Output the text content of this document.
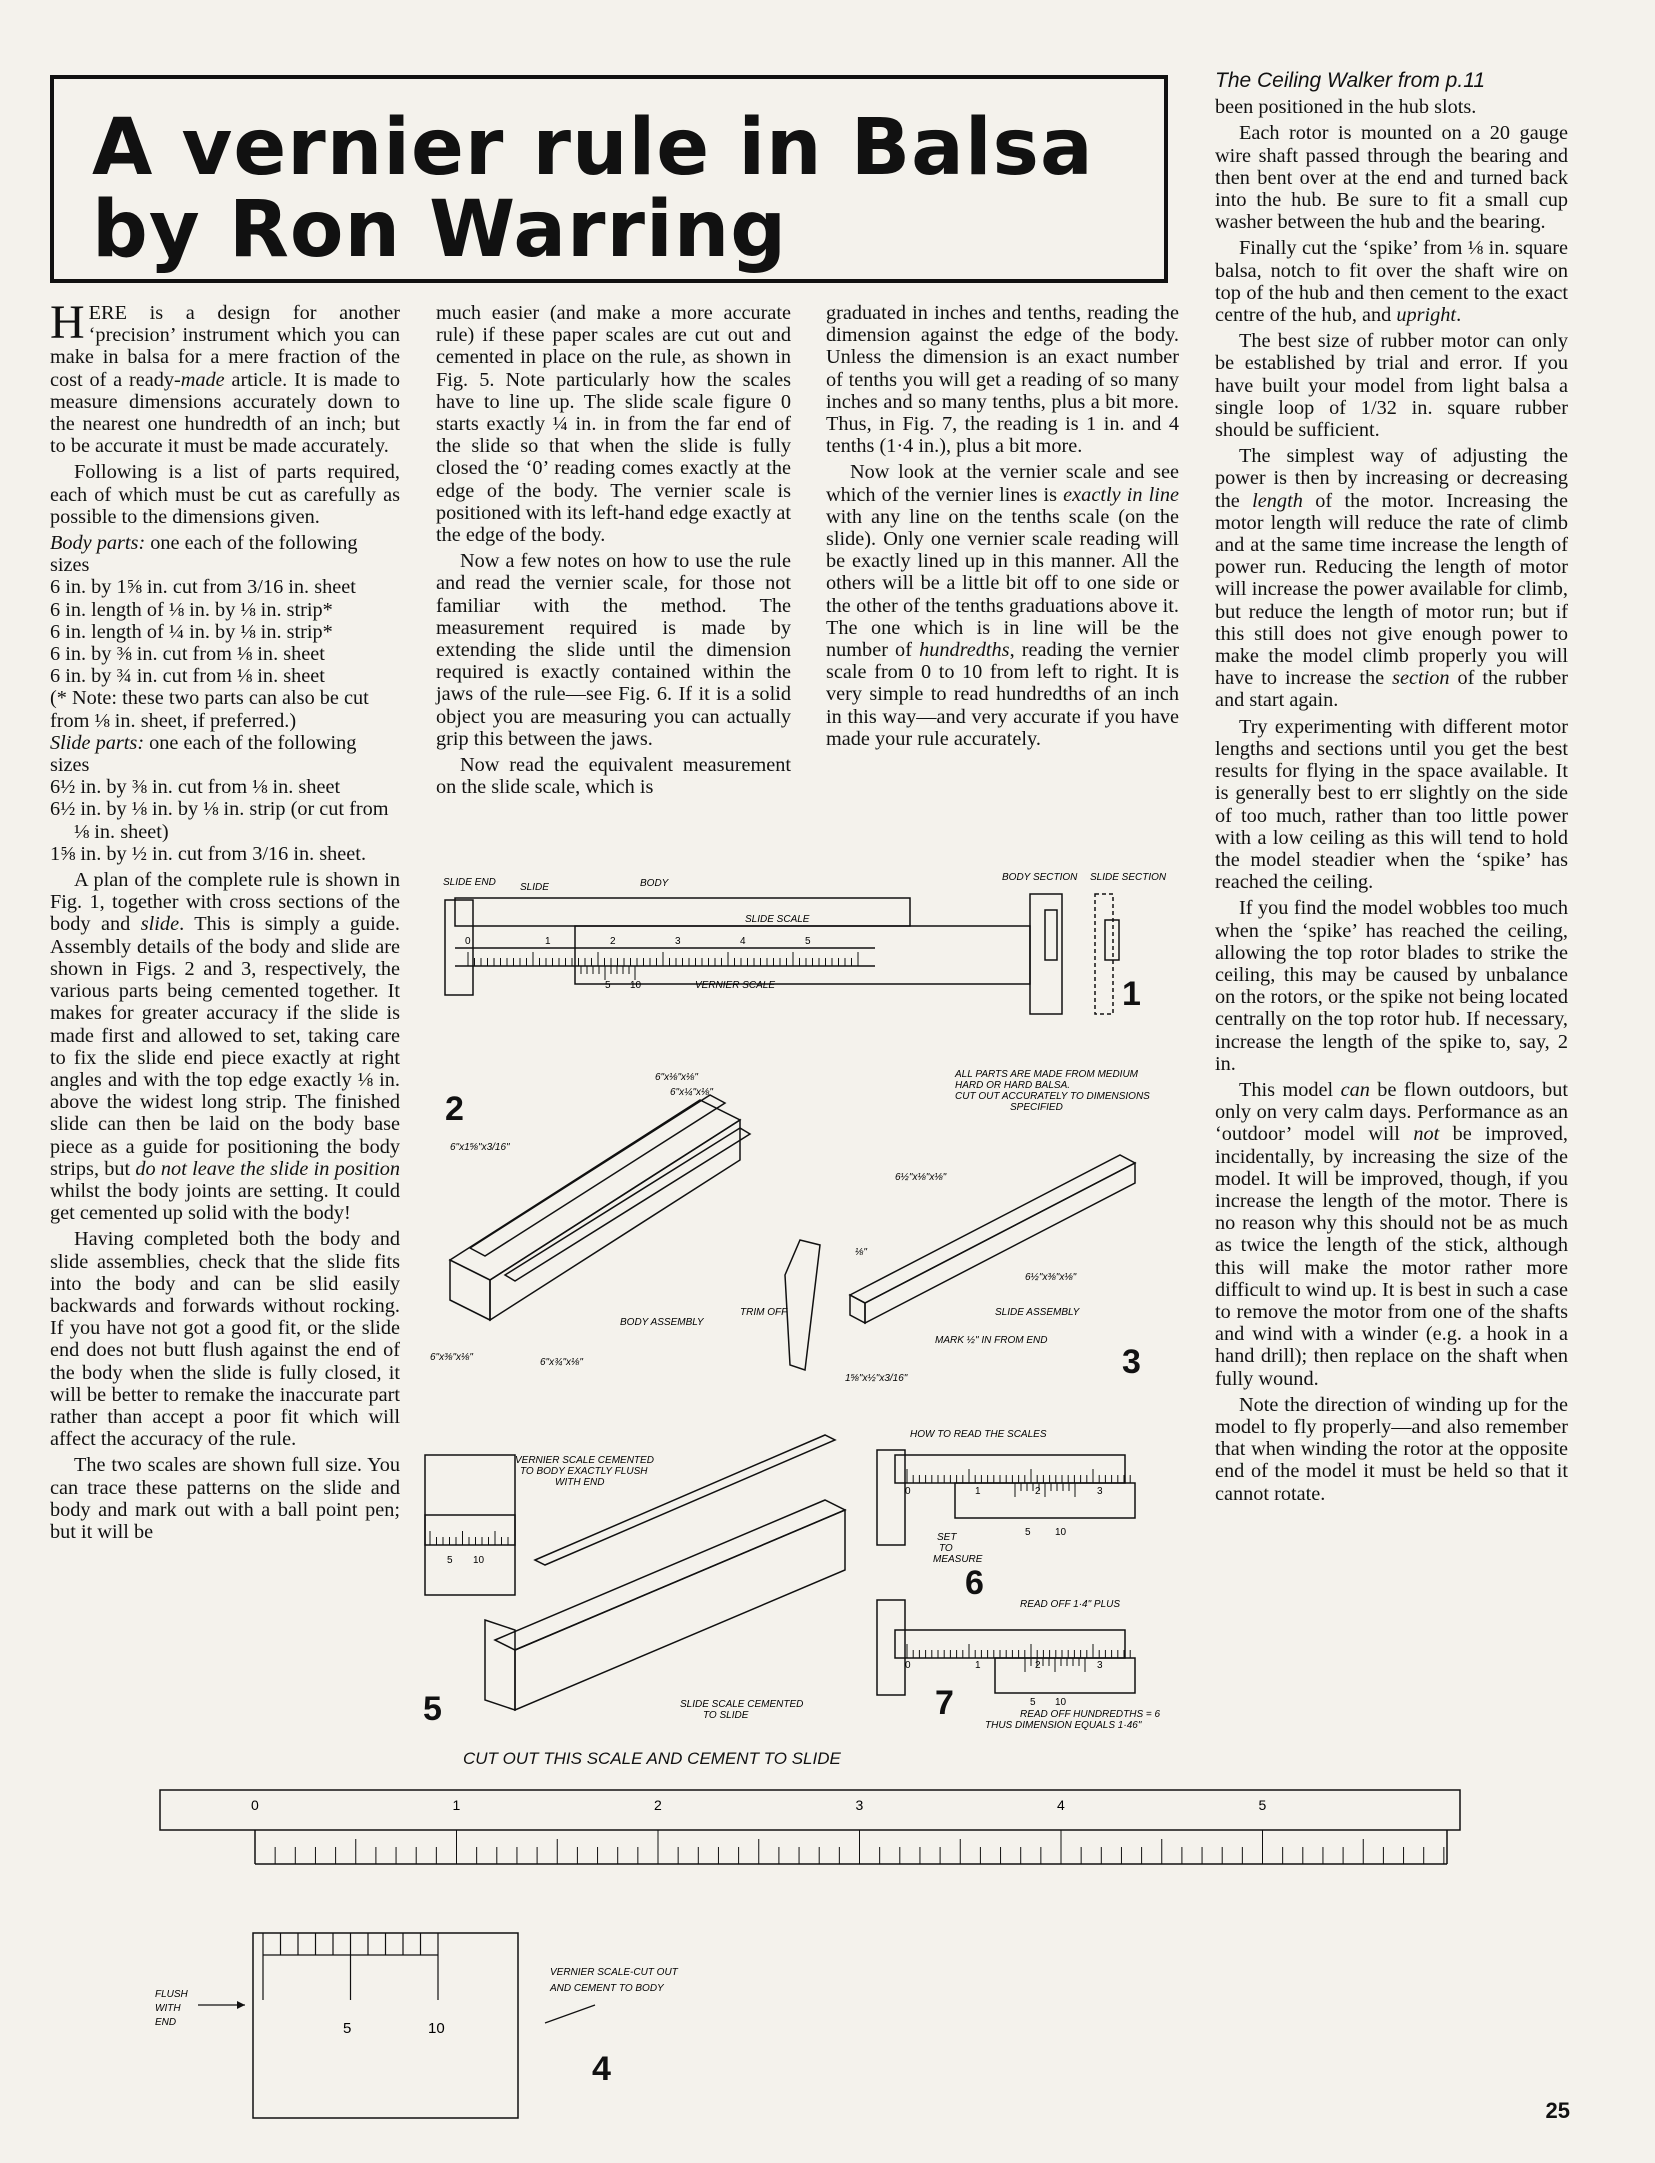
A vernier rule in Balsa
by Ron Warring

HERE is a design for another ‘precision’ instrument which you can make in balsa for a mere fraction of the cost of a ready-made article. It is made to measure dimensions accurately down to the nearest one hundredth of an inch; but to be accurate it must be made accurately.

Following is a list of parts required, each of which must be cut as carefully as possible to the dimensions given.

Body parts: one each of the following sizes
6 in. by 1⅝ in. cut from 3/16 in. sheet
6 in. length of ⅛ in. by ⅛ in. strip*
6 in. length of ¼ in. by ⅛ in. strip*
6 in. by ⅜ in. cut from ⅛ in. sheet
6 in. by ¾ in. cut from ⅛ in. sheet
(* Note: these two parts can also be cut from ⅛ in. sheet, if preferred.)
Slide parts: one each of the following sizes
6½ in. by ⅜ in. cut from ⅛ in. sheet
6½ in. by ⅛ in. by ⅛ in. strip (or cut from ⅛ in. sheet)
1⅝ in. by ½ in. cut from 3/16 in. sheet.

A plan of the complete rule is shown in Fig. 1, together with cross sections of the body and slide. This is simply a guide. Assembly details of the body and slide are shown in Figs. 2 and 3, respectively, the various parts being cemented together. It makes for greater accuracy if the slide is made first and allowed to set, taking care to fix the slide end piece exactly at right angles and with the top edge exactly ⅛ in. above the widest long strip. The finished slide can then be laid on the body base piece as a guide for positioning the body strips, but do not leave the slide in position whilst the body joints are setting. It could get cemented up solid with the body!

Having completed both the body and slide assemblies, check that the slide fits into the body and can be slid easily backwards and forwards without rocking. If you have not got a good fit, or the slide end does not butt flush against the end of the body when the slide is fully closed, it will be better to remake the inaccurate part rather than accept a poor fit which will affect the accuracy of the rule.

The two scales are shown full size. You can trace these patterns on the slide and body and mark out with a ball point pen; but it will be

much easier (and make a more accurate rule) if these paper scales are cut out and cemented in place on the rule, as shown in Fig. 5. Note particularly how the scales have to line up. The slide scale figure 0 starts exactly ¼ in. in from the far end of the slide so that when the slide is fully closed the ‘0’ reading comes exactly at the edge of the body. The vernier scale is positioned with its left-hand edge exactly at the edge of the body.

Now a few notes on how to use the rule and read the vernier scale, for those not familiar with the method. The measurement required is made by extending the slide until the dimension required is exactly contained within the jaws of the rule—see Fig. 6. If it is a solid object you are measuring you can actually grip this between the jaws.

Now read the equivalent measurement on the slide scale, which is

graduated in inches and tenths, reading the dimension against the edge of the body. Unless the dimension is an exact number of tenths you will get a reading of so many inches and so many tenths, plus a bit more. Thus, in Fig. 7, the reading is 1 in. and 4 tenths (1·4 in.), plus a bit more.

Now look at the vernier scale and see which of the vernier lines is exactly in line with any line on the tenths scale (on the slide). Only one vernier scale reading will be exactly lined up in this manner. All the others will be a little bit off to one side or the other of the tenths graduations above it. The one which is in line will be the number of hundredths, reading the vernier scale from 0 to 10 from left to right. It is very simple to read hundredths of an inch in this way—and very accurate if you have made your rule accurately.

The Ceiling Walker from p.11

been positioned in the hub slots.

Each rotor is mounted on a 20 gauge wire shaft passed through the bearing and then bent over at the end and turned back into the hub. Be sure to fit a small cup washer between the hub and the bearing.

Finally cut the ‘spike’ from ⅛ in. square balsa, notch to fit over the shaft wire on top of the hub and then cement to the exact centre of the hub, and upright.

The best size of rubber motor can only be established by trial and error. If you have built your model from light balsa a single loop of 1/32 in. square rubber should be sufficient.

The simplest way of adjusting the power is then by increasing or decreasing the length of the motor. Increasing the motor length will reduce the rate of climb and at the same time increase the length of power run. Reducing the length of motor will increase the power available for climb, but reduce the length of motor run; but if this still does not give enough power to make the model climb properly you will have to increase the section of the rubber and start again.

Try experimenting with different motor lengths and sections until you get the best results for flying in the space available. It is generally best to err slightly on the side of too much, rather than too little power with a low ceiling as this will tend to hold the model steadier when the ‘spike’ has reached the ceiling.

If you find the model wobbles too much when the ‘spike’ has reached the ceiling, allowing the top rotor blades to strike the ceiling, this may be caused by unbalance on the rotors, or the spike not being located centrally on the top rotor hub. If necessary, increase the length of the spike to, say, 2 in.

This model can be flown outdoors, but only on very calm days. Performance as an ‘outdoor’ model will not be improved, incidentally, by increasing the size of the model. It will be improved, though, if you increase the length of the motor. There is no reason why this should not be as much as twice the length of the stick, although this will make the motor rather more difficult to wind up. It is best in such a case to remove the motor from one of the shafts and wind with a winder (e.g. a hook in a hand drill); then replace on the shaft when fully wound.

Note the direction of winding up for the model to fly properly—and also remember that when winding the rotor at the opposite end of the model it must be held so that it cannot rotate.

SLIDE END SLIDE	BODY
SLIDE SCALE
VERNIER SCALE
BODY SECTION SLIDE SECTION
0	1	2	3	4	5
5 10	1
6"x1⅝"x3/16"
BODY ASSEMBLY
6"x⅜"x⅛"	6"x¾"x⅛"
6"x⅛"x⅛"
6"x¼"x⅛"
2
ALL PARTS ARE MADE FROM MEDIUM HARD OR HARD BALSA. CUT OUT ACCURATELY TO DIMENSIONS SPECIFIED
6½"x⅛"x⅛"
6½"x⅜"x⅛"
⅛"
TRIM OFF	SLIDE ASSEMBLY
MARK ½" IN FROM END
1⅝"x½"x3/16"	3
5 10
VERNIER SCALE CEMENTED TO BODY EXACTLY FLUSH WITH END
SLIDE SCALE CEMENTED TO SLIDE
5
HOW TO READ THE SCALES
0	1	2	3
5 10
SET TO MEASURE
6
READ OFF 1·4" PLUS
0	1	2	3
5 10
READ OFF HUNDREDTHS = 6
THUS DIMENSION EQUALS 1·46"
7
CUT OUT THIS SCALE AND CEMENT TO SLIDE
0	1	2	3	4	5
5	10
FLUSH WITH END
VERNIER SCALE-CUT OUT AND CEMENT TO BODY
4
25
